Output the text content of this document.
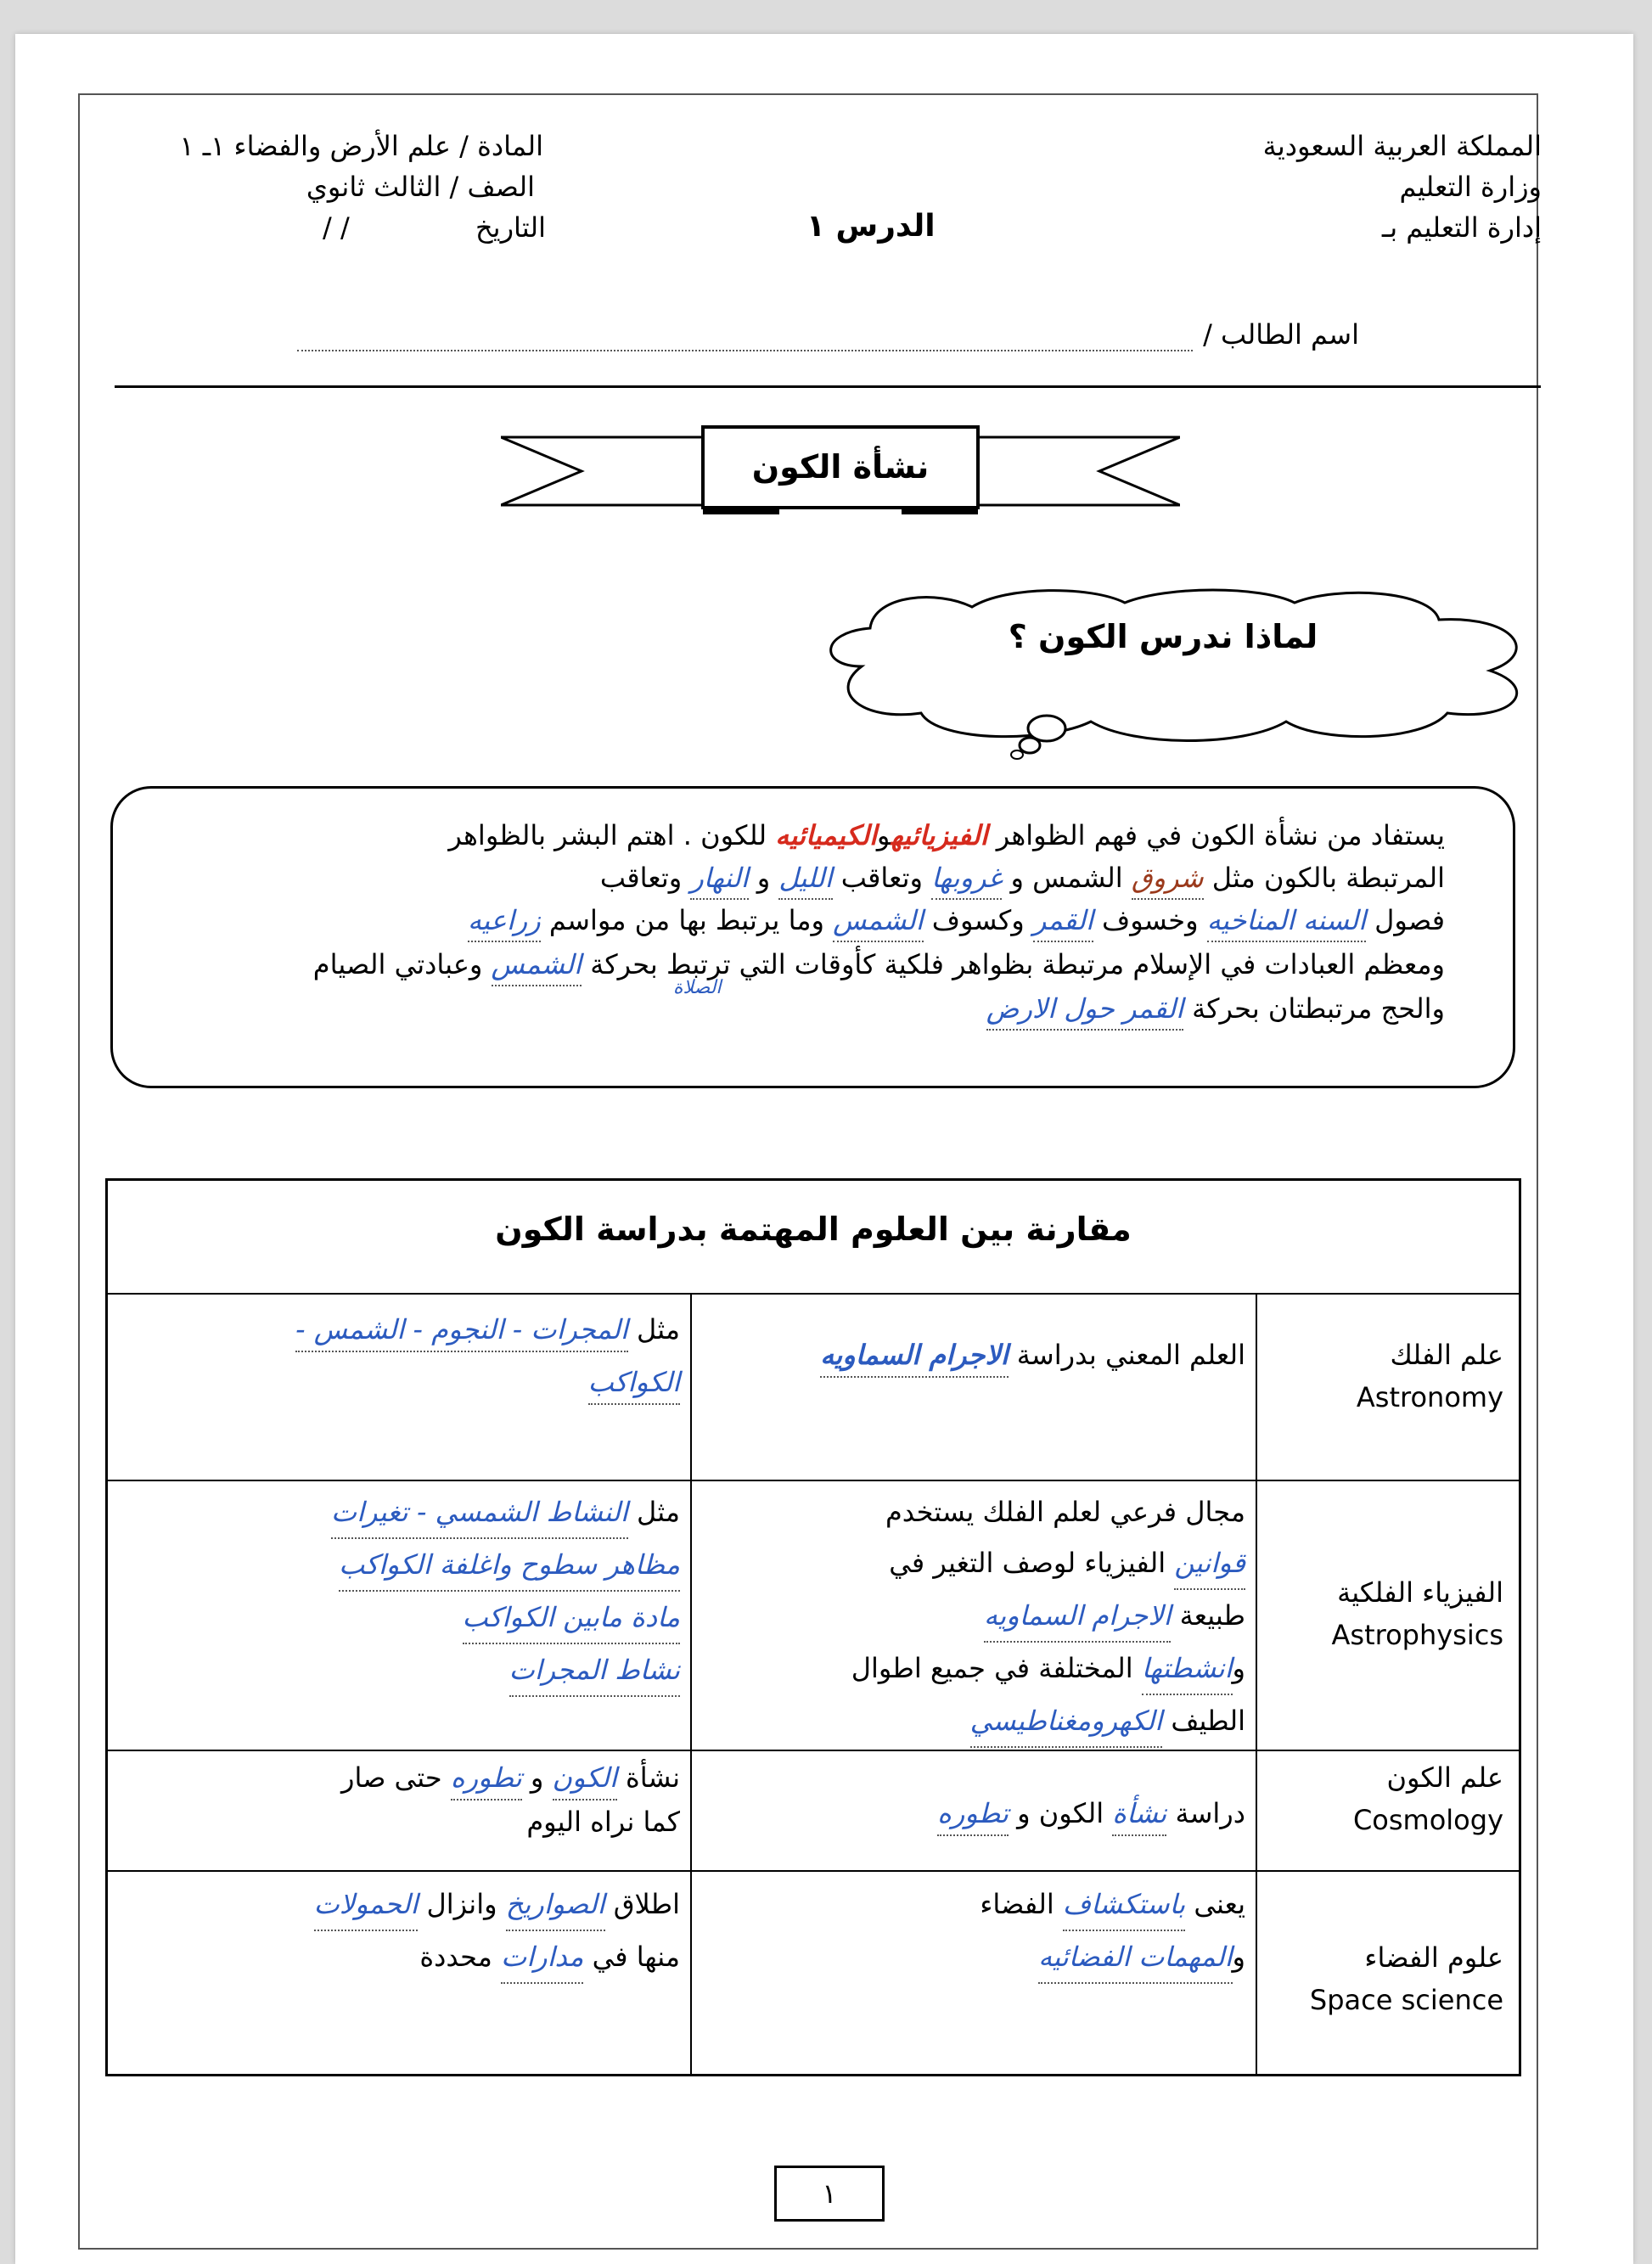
المملكة العربية السعودية
وزارة التعليم
إدارة التعليم بـ
الدرس ١
المادة / علم الأرض والفضاء ١ـ ١
الصف / الثالث ثانوي
التاريخ
/ /
اسم الطالب /
نشأة الكون
لماذا ندرس الكون ؟
يستفاد من نشأة الكون في فهم الظواهر الفيزيائيهوالكيميائيه للكون . اهتم البشر بالظواهر
المرتبطة بالكون مثل شروق الشمس و غروبها وتعاقب الليل و النهار وتعاقب
فصول السنه المناخيه وخسوف القمر وكسوف الشمس وما يرتبط بها من مواسم زراعيه
ومعظم العبادات في الإسلام مرتبطة بظواهر فلكية كأوقات التي ترتبط بحركة الشمس وعبادتي الصيام
الصلاة
والحج مرتبطتان بحركة القمر حول الارض
مقارنة بين العلوم المهتمة بدراسة الكون
علم الفلك
Astronomy
العلم المعني بدراسة الاجرام السماويه
مثل المجرات - النجوم - الشمس -
الكواكب
الفيزياء الفلكية
Astrophysics
مجال فرعي لعلم الفلك يستخدم
قوانين الفيزياء لوصف التغير في
طبيعة الاجرام السماويه
وانشطتها المختلفة في جميع اطوال
الطيف الكهرومغناطيسي
مثل النشاط الشمسي - تغيرات
مظاهر سطوح واغلفة الكواكب
مادة مابين الكواكب
نشاط المجرات
علم الكون
Cosmology
دراسة نشأة الكون و تطوره
نشأة الكون و تطوره حتى صار
كما نراه اليوم
علوم الفضاء
Space science
يعنى باستكشاف الفضاء
والمهمات الفضائيه
اطلاق الصواريخ وانزال الحمولات
منها في مدارات محددة
١
